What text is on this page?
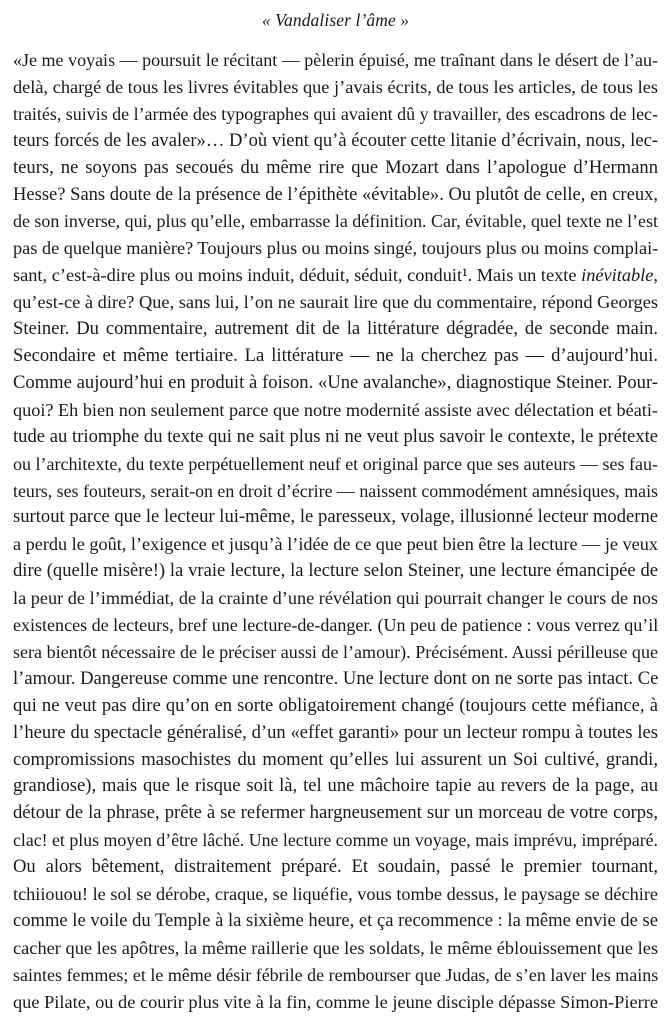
« Vandaliser l’âme »
«Je me voyais — poursuit le récitant — pèlerin épuisé, me traînant dans le désert de l’au-
delà, chargé de tous les livres évitables que j’avais écrits, de tous les articles, de tous les
traités, suivis de l’armée des typographes qui avaient dû y travailler, des escadrons de lec-
teurs forcés de les avaler»… D’où vient qu’à écouter cette litanie d’écrivain, nous, lec-
teurs, ne soyons pas secoués du même rire que Mozart dans l’apologue d’Hermann
Hesse? Sans doute de la présence de l’épithète «évitable». Ou plutôt de celle, en creux,
de son inverse, qui, plus qu’elle, embarrasse la définition. Car, évitable, quel texte ne l’est
pas de quelque manière? Toujours plus ou moins singé, toujours plus ou moins complai-
sant, c’est-à-dire plus ou moins induit, déduit, séduit, conduit¹. Mais un texte inévitable,
qu’est-ce à dire? Que, sans lui, l’on ne saurait lire que du commentaire, répond Georges
Steiner. Du commentaire, autrement dit de la littérature dégradée, de seconde main.
Secondaire et même tertiaire. La littérature — ne la cherchez pas — d’aujourd’hui.
Comme aujourd’hui en produit à foison. «Une avalanche», diagnostique Steiner. Pour-
quoi? Eh bien non seulement parce que notre modernité assiste avec délectation et béati-
tude au triomphe du texte qui ne sait plus ni ne veut plus savoir le contexte, le prétexte
ou l’architexte, du texte perpétuellement neuf et original parce que ses auteurs — ses fau-
teurs, ses fouteurs, serait-on en droit d’écrire — naissent commodément amnésiques, mais
surtout parce que le lecteur lui-même, le paresseux, volage, illusionné lecteur moderne
a perdu le goût, l’exigence et jusqu’à l’idée de ce que peut bien être la lecture — je veux
dire (quelle misère!) la vraie lecture, la lecture selon Steiner, une lecture émancipée de
la peur de l’immédiat, de la crainte d’une révélation qui pourrait changer le cours de nos
existences de lecteurs, bref une lecture-de-danger. (Un peu de patience : vous verrez qu’il
sera bientôt nécessaire de le préciser aussi de l’amour). Précisément. Aussi périlleuse que
l’amour. Dangereuse comme une rencontre. Une lecture dont on ne sorte pas intact. Ce
qui ne veut pas dire qu’on en sorte obligatoirement changé (toujours cette méfiance, à
l’heure du spectacle généralisé, d’un «effet garanti» pour un lecteur rompu à toutes les
compromissions masochistes du moment qu’elles lui assurent un Soi cultivé, grandi,
grandiose), mais que le risque soit là, tel une mâchoire tapie au revers de la page, au
détour de la phrase, prête à se refermer hargneusement sur un morceau de votre corps,
clac! et plus moyen d’être lâché. Une lecture comme un voyage, mais imprévu, impréparé.
Ou alors bêtement, distraitement préparé. Et soudain, passé le premier tournant,
tchiiouou! le sol se dérobe, craque, se liquéfie, vous tombe dessus, le paysage se déchire
comme le voile du Temple à la sixième heure, et ça recommence : la même envie de se
cacher que les apôtres, la même raillerie que les soldats, le même éblouissement que les
saintes femmes; et le même désir fébrile de rembourser que Judas, de s’en laver les mains
que Pilate, ou de courir plus vite à la fin, comme le jeune disciple dépasse Simon-Pierre
